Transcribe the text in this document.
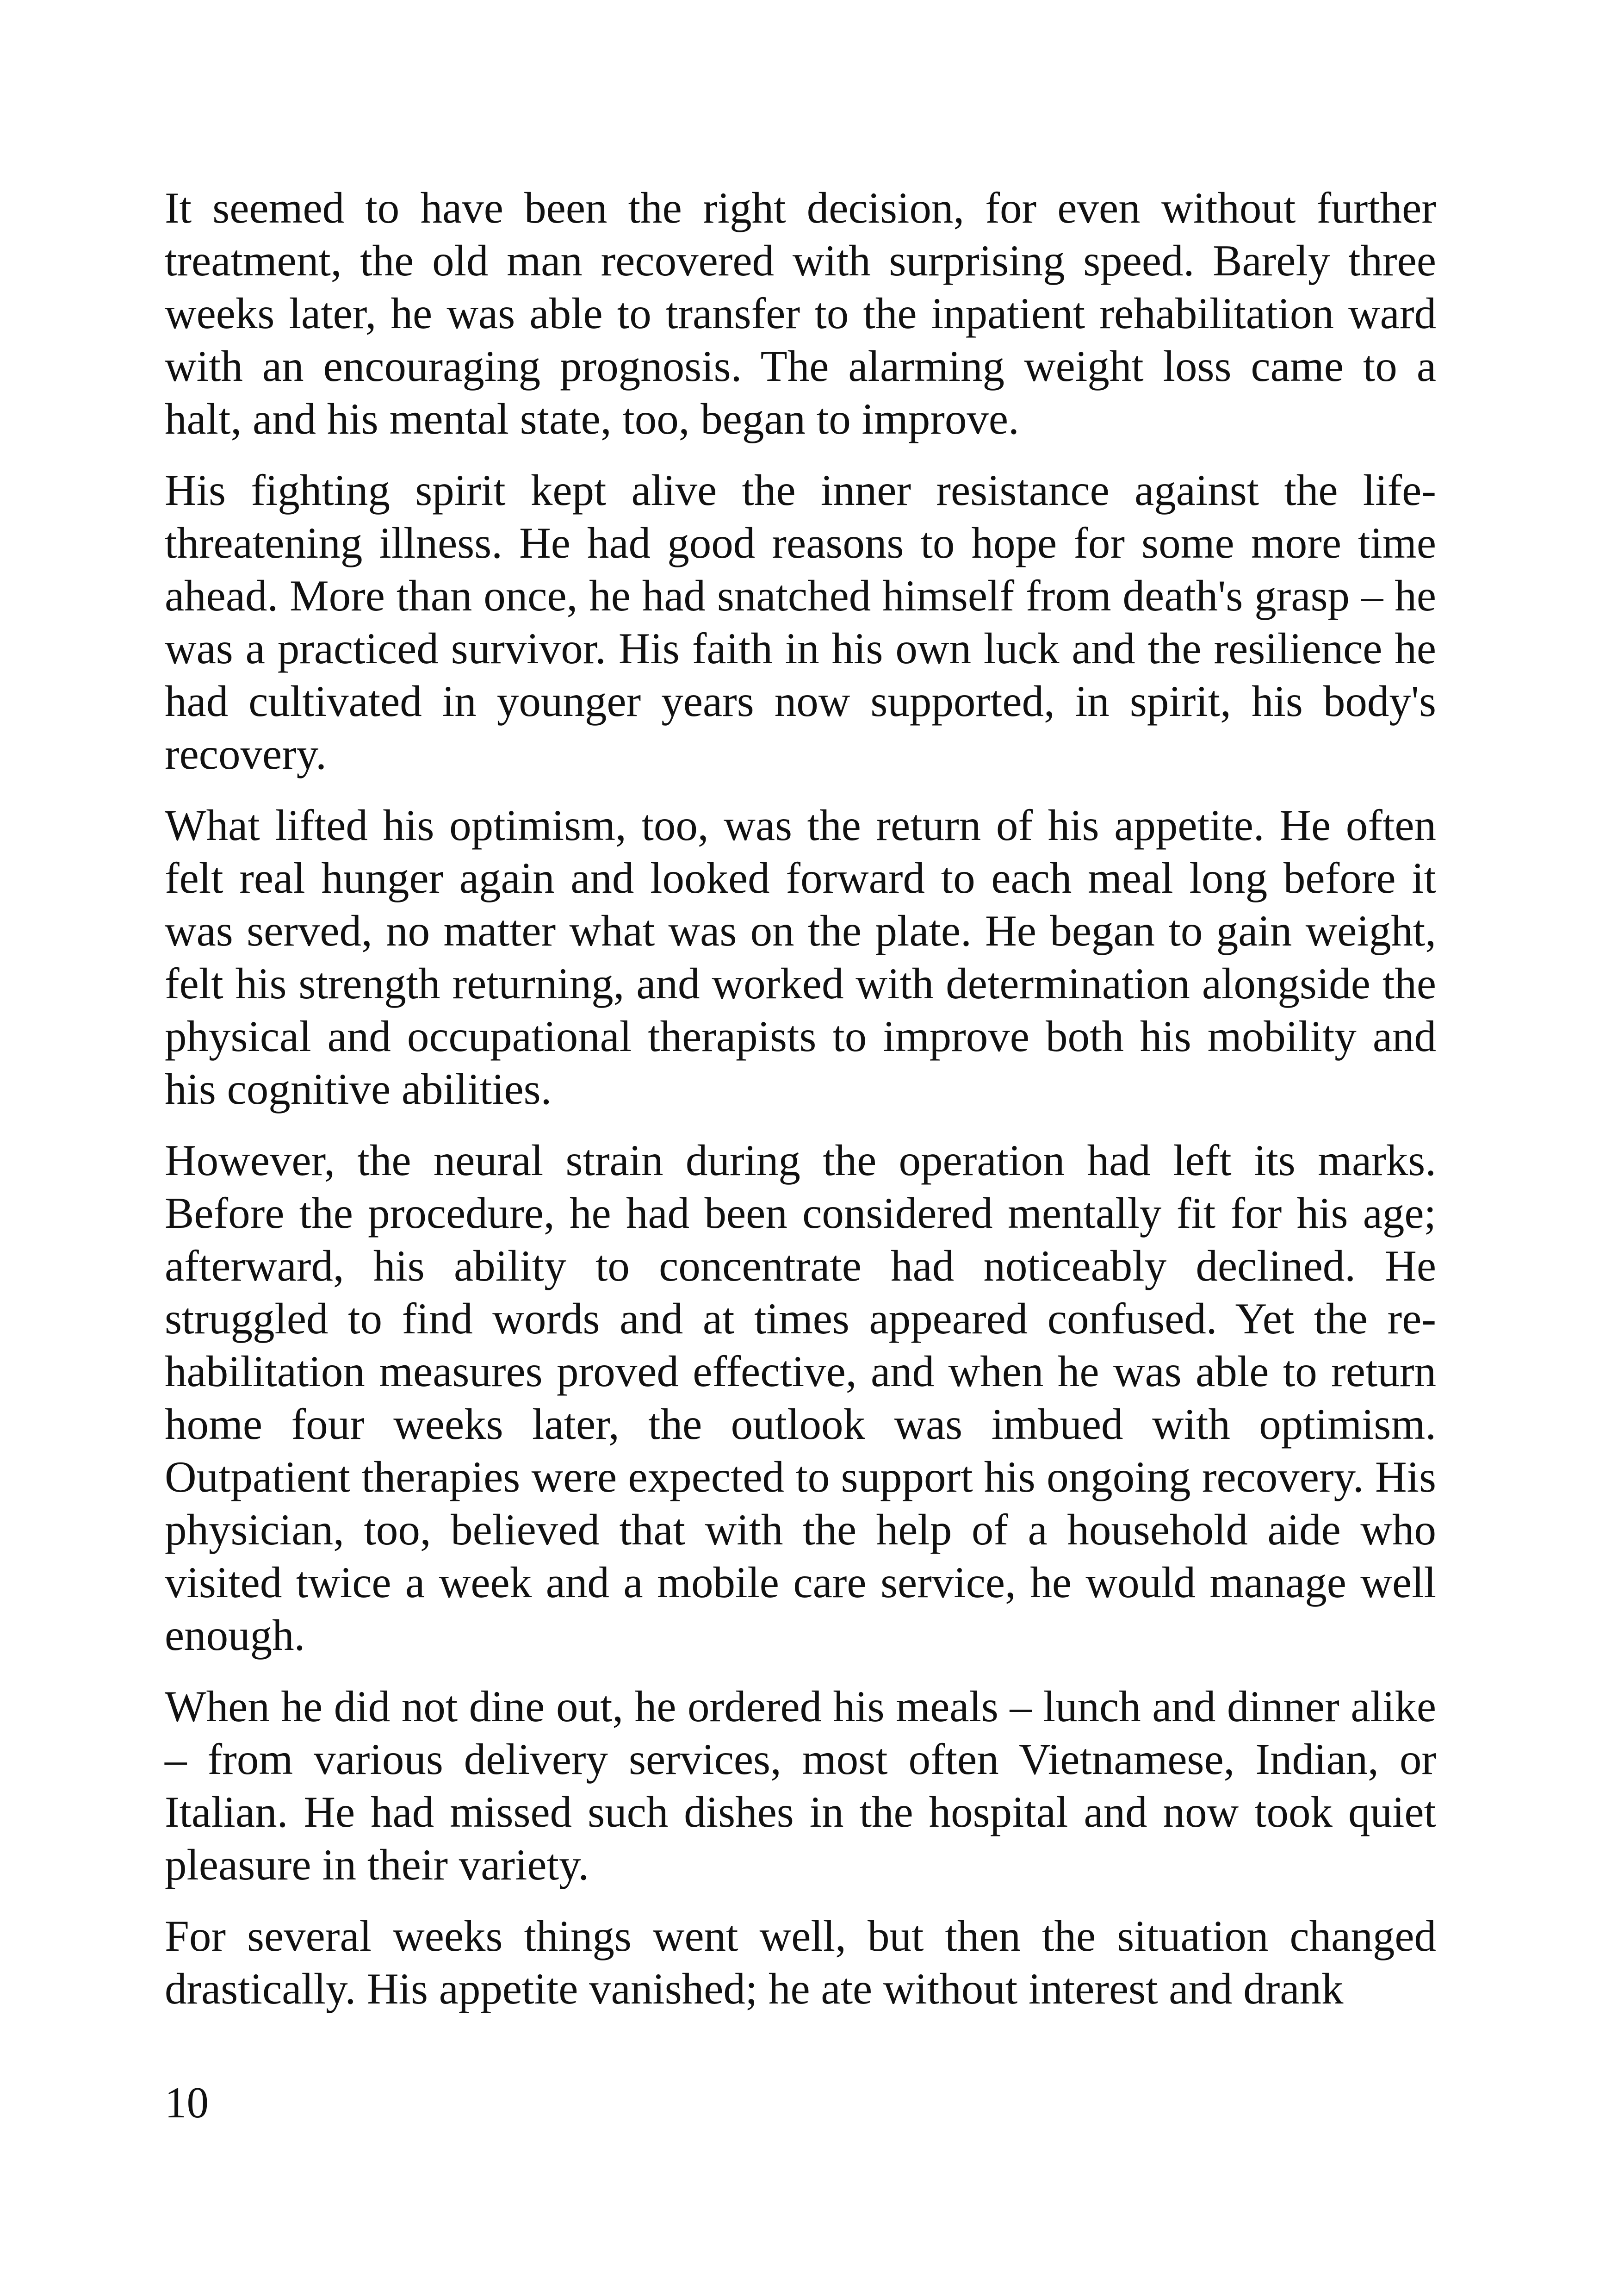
It seemed to have been the right decision, for even without further treatment, the old man recovered with surprising speed. Barely three weeks later, he was able to transfer to the inpatient rehabilitation ward with an encouraging prognosis. The alarming weight loss came to a halt, and his mental state, too, began to improve.

His fighting spirit kept alive the inner resistance against the life-threatening illness. He had good reasons to hope for some more time ahead. More than once, he had snatched himself from death's grasp – he was a practiced survivor. His faith in his own luck and the resilience he had cultivated in younger years now supported, in spirit, his body's recovery.

What lifted his optimism, too, was the return of his appetite. He often felt real hunger again and looked forward to each meal long before it was served, no matter what was on the plate. He began to gain weight, felt his strength returning, and worked with determination alongside the physical and occupational therapists to improve both his mobility and his cognitive abilities.

However, the neural strain during the operation had left its marks. Before the procedure, he had been considered mentally fit for his age; afterward, his ability to concentrate had noticeably declined. He struggled to find words and at times appeared confused. Yet the rehabilitation measures proved effective, and when he was able to return home four weeks later, the outlook was imbued with optimism. Outpatient therapies were expected to support his ongoing recovery. His physician, too, believed that with the help of a household aide who visited twice a week and a mobile care service, he would manage well enough.

When he did not dine out, he ordered his meals – lunch and dinner alike – from various delivery services, most often Vietnamese, Indian, or Italian. He had missed such dishes in the hospital and now took quiet pleasure in their variety.

For several weeks things went well, but then the situation changed drastically. His appetite vanished; he ate without interest and drank

10
